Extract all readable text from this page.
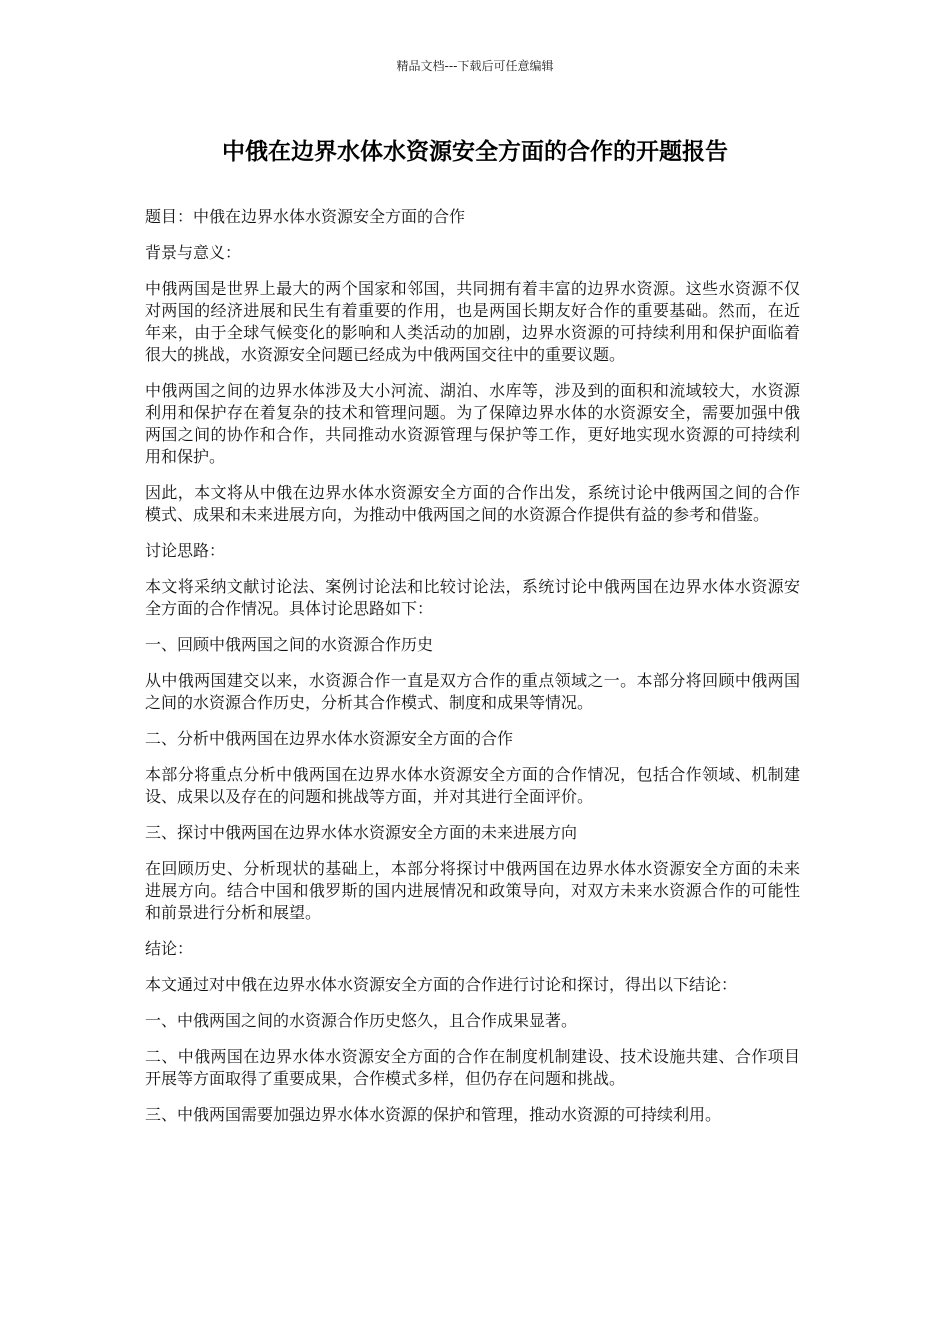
精品文档---下载后可任意编辑
中俄在边界水体水资源安全方面的合作的开题报告

题目：中俄在边界水体水资源安全方面的合作

背景与意义：

中俄两国是世界上最大的两个国家和邻国，共同拥有着丰富的边界水资源。这些水资源不仅对两国的经济进展和民生有着重要的作用，也是两国长期友好合作的重要基础。然而，在近年来，由于全球气候变化的影响和人类活动的加剧，边界水资源的可持续利用和保护面临着很大的挑战，水资源安全问题已经成为中俄两国交往中的重要议题。

中俄两国之间的边界水体涉及大小河流、湖泊、水库等，涉及到的面积和流域较大，水资源利用和保护存在着复杂的技术和管理问题。为了保障边界水体的水资源安全，需要加强中俄两国之间的协作和合作，共同推动水资源管理与保护等工作，更好地实现水资源的可持续利用和保护。

因此，本文将从中俄在边界水体水资源安全方面的合作出发，系统讨论中俄两国之间的合作模式、成果和未来进展方向，为推动中俄两国之间的水资源合作提供有益的参考和借鉴。

讨论思路：

本文将采纳文献讨论法、案例讨论法和比较讨论法，系统讨论中俄两国在边界水体水资源安全方面的合作情况。具体讨论思路如下：

一、回顾中俄两国之间的水资源合作历史

从中俄两国建交以来，水资源合作一直是双方合作的重点领域之一。本部分将回顾中俄两国之间的水资源合作历史，分析其合作模式、制度和成果等情况。

二、分析中俄两国在边界水体水资源安全方面的合作

本部分将重点分析中俄两国在边界水体水资源安全方面的合作情况，包括合作领域、机制建设、成果以及存在的问题和挑战等方面，并对其进行全面评价。

三、探讨中俄两国在边界水体水资源安全方面的未来进展方向

在回顾历史、分析现状的基础上，本部分将探讨中俄两国在边界水体水资源安全方面的未来进展方向。结合中国和俄罗斯的国内进展情况和政策导向，对双方未来水资源合作的可能性和前景进行分析和展望。

结论：

本文通过对中俄在边界水体水资源安全方面的合作进行讨论和探讨，得出以下结论：

一、中俄两国之间的水资源合作历史悠久，且合作成果显著。

二、中俄两国在边界水体水资源安全方面的合作在制度机制建设、技术设施共建、合作项目开展等方面取得了重要成果，合作模式多样，但仍存在问题和挑战。

三、中俄两国需要加强边界水体水资源的保护和管理，推动水资源的可持续利用。
